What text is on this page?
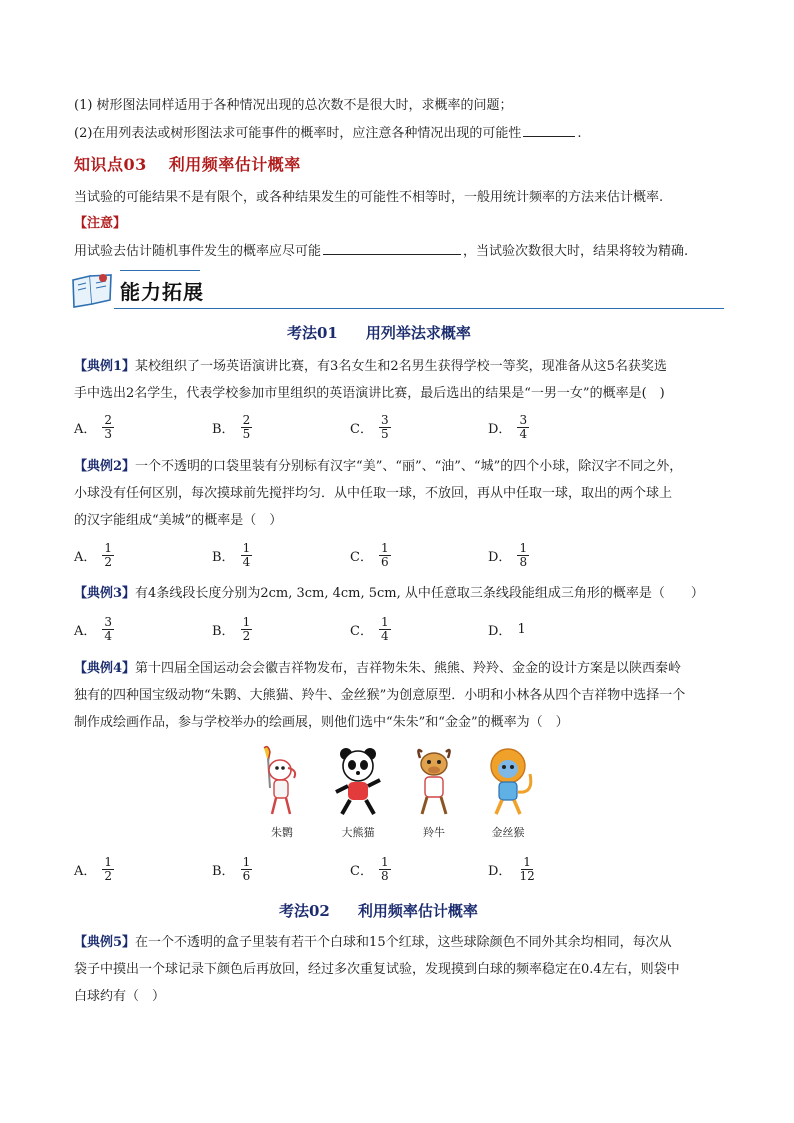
(1) 树形图法同样适用于各种情况出现的总次数不是很大时，求概率的问题；
(2)在用列表法或树形图法求可能事件的概率时，应注意各种情况出现的可能性	.
知识点03 利用频率估计概率
当试验的可能结果不是有限个，或各种结果发生的可能性不相等时，一般用统计频率的方法来估计概率.
【注意】
用试验去估计随机事件发生的概率应尽可能	，当试验次数很大时，结果将较为精确.
能力拓展
考法01 用列举法求概率
【典例1】某校组织了一场英语演讲比赛，有3名女生和2名男生获得学校一等奖，现准备从这5名获奖选
手中选出2名学生，代表学校参加市里组织的英语演讲比赛，最后选出的结果是“一男一女”的概率是(　)
A． $\frac{2}{3}$	B． $\frac{2}{5}$	C． $\frac{3}{5}$	D． $\frac{3}{4}$
【典例2】一个不透明的口袋里装有分别标有汉字“美”、“丽”、“油”、“城”的四个小球，除汉字不同之外，
小球没有任何区别，每次摸球前先搅拌均匀．从中任取一球，不放回，再从中任取一球，取出的两个球上
的汉字能组成“美城”的概率是（　）
A． $\frac{1}{2}$	B． $\frac{1}{4}$	C． $\frac{1}{6}$	D． $\frac{1}{8}$
【典例3】有4条线段长度分别为2cm, 3cm, 4cm, 5cm, 从中任意取三条线段能组成三角形的概率是（　　）
A． $\frac{3}{4}$	B． $\frac{1}{2}$	C． $\frac{1}{4}$	D． 1
【典例4】第十四届全国运动会会徽吉祥物发布，吉祥物朱朱、熊熊、羚羚、金金的设计方案是以陕西秦岭
独有的四种国宝级动物“朱鹮、大熊猫、羚牛、金丝猴”为创意原型．小明和小林各从四个吉祥物中选择一个
制作成绘画作品，参与学校举办的绘画展，则他们选中“朱朱”和“金金”的概率为（　）
朱鹮	大熊猫	羚牛	金丝猴
A． $\frac{1}{2}$	B． $\frac{1}{6}$	C． $\frac{1}{8}$	D． $\frac{1}{12}$
考法02 利用频率估计概率
【典例5】在一个不透明的盒子里装有若干个白球和15个红球，这些球除颜色不同外其余均相同，每次从
袋子中摸出一个球记录下颜色后再放回，经过多次重复试验，发现摸到白球的频率稳定在0.4左右，则袋中
白球约有（　）
